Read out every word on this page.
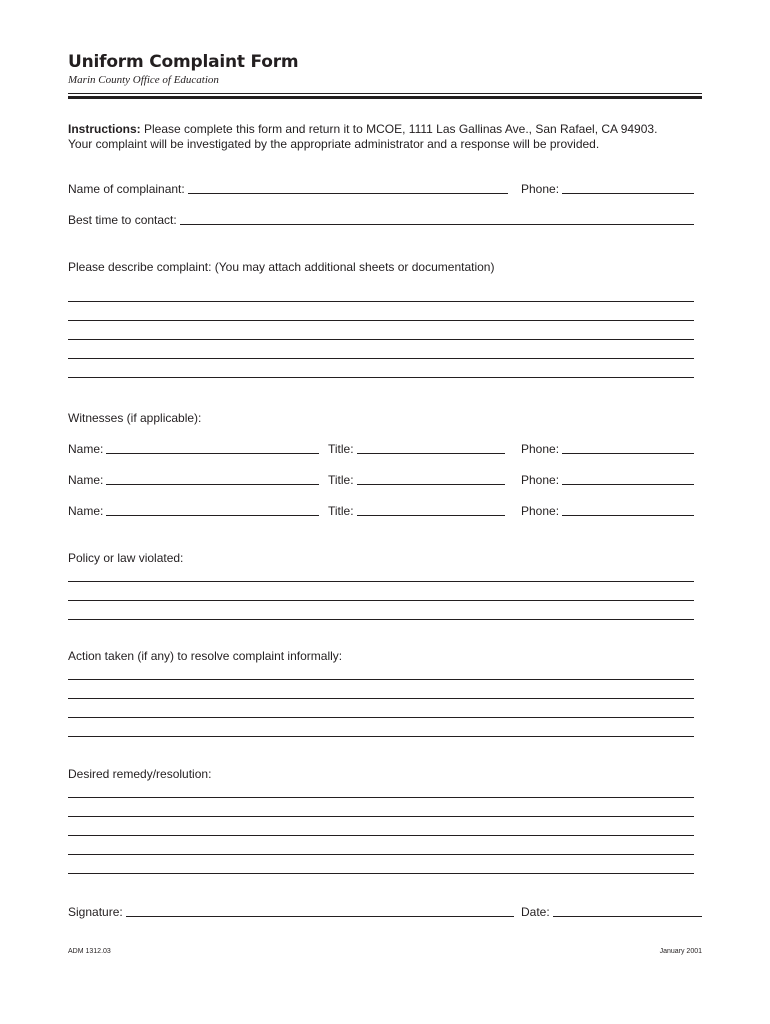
Uniform Complaint Form
Marin County Office of Education
Instructions: Please complete this form and return it to MCOE, 1111 Las Gallinas Ave., San Rafael, CA 94903.
Your complaint will be investigated by the appropriate administrator and a response will be provided.
Name of complainant:	Phone:
Best time to contact:
Please describe complaint: (You may attach additional sheets or documentation)
Witnesses (if applicable):
Name:	Title:	Phone:
Name:	Title:	Phone:
Name:	Title:	Phone:
Policy or law violated:
Action taken (if any) to resolve complaint informally:
Desired remedy/resolution:
Signature:	Date:
ADM 1312.03	January 2001
